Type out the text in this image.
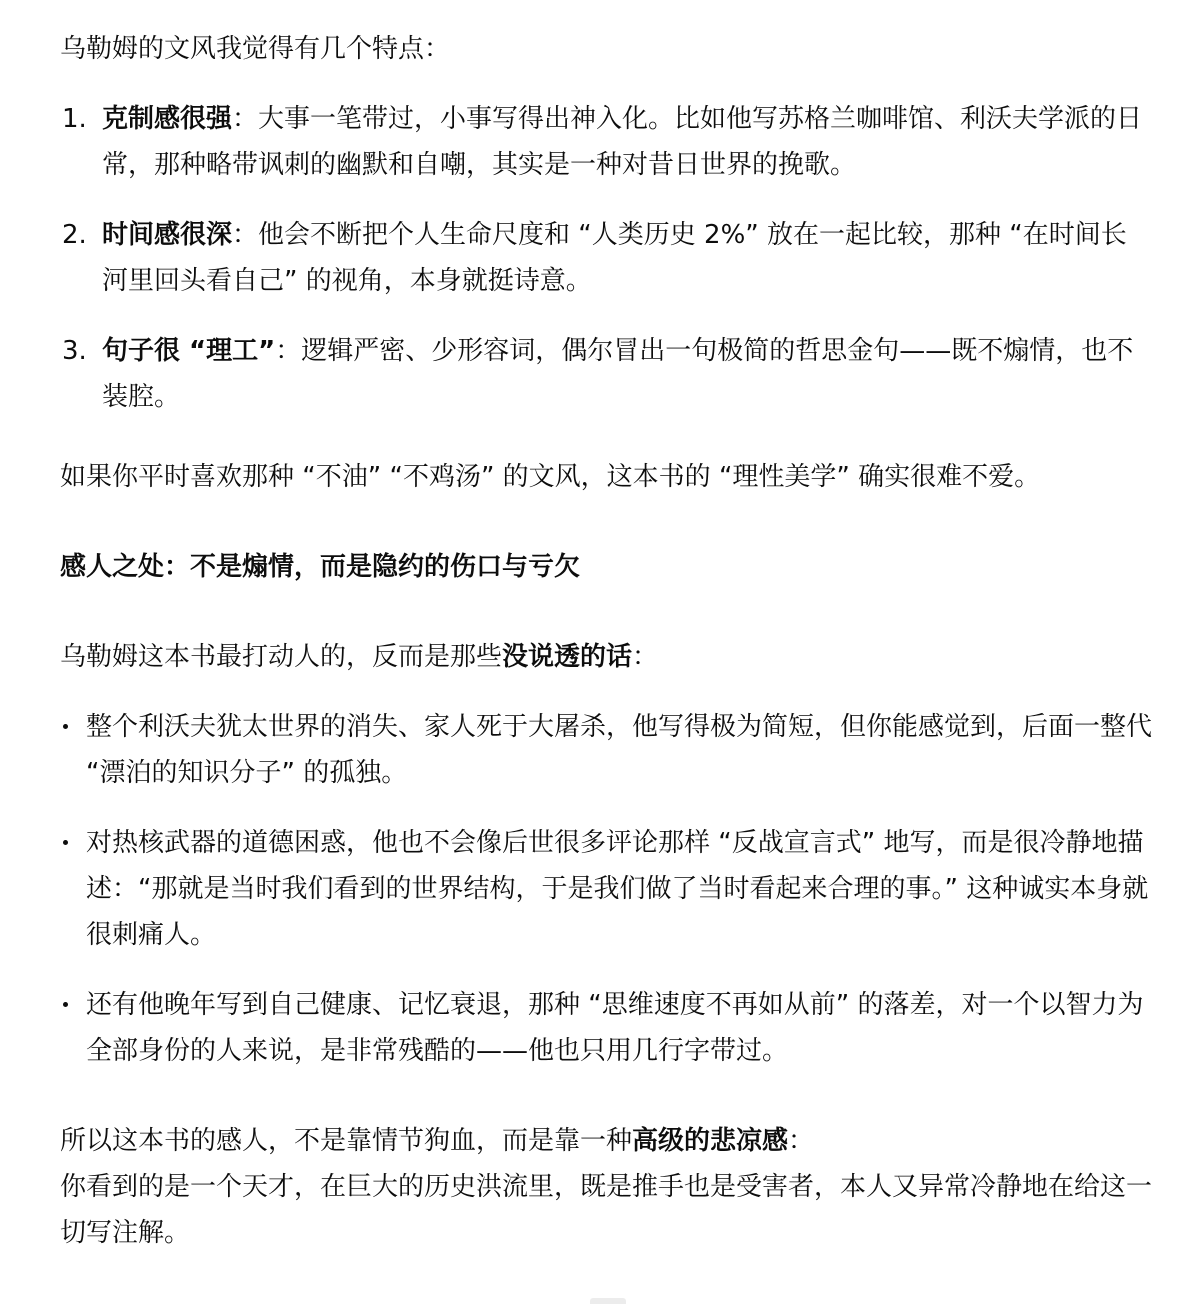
乌勒姆的文风我觉得有几个特点：

1. 克制感很强：大事一笔带过，小事写得出神入化。比如他写苏格兰咖啡馆、利沃夫学派的日常，那种略带讽刺的幽默和自嘲，其实是一种对昔日世界的挽歌。
2. 时间感很深：他会不断把个人生命尺度和 “人类历史 2%” 放在一起比较，那种 “在时间长河里回头看自己” 的视角，本身就挺诗意。
3. 句子很 “理工”：逻辑严密、少形容词，偶尔冒出一句极简的哲思金句——既不煽情，也不装腔。

如果你平时喜欢那种 “不油” “不鸡汤” 的文风，这本书的 “理性美学” 确实很难不爱。

感人之处：不是煽情，而是隐约的伤口与亏欠

乌勒姆这本书最打动人的，反而是那些没说透的话：

整个利沃夫犹太世界的消失、家人死于大屠杀，他写得极为简短，但你能感觉到，后面一整代 “漂泊的知识分子” 的孤独。
对热核武器的道德困惑，他也不会像后世很多评论那样 “反战宣言式” 地写，而是很冷静地描述：“那就是当时我们看到的世界结构，于是我们做了当时看起来合理的事。” 这种诚实本身就很刺痛人。
还有他晚年写到自己健康、记忆衰退，那种 “思维速度不再如从前” 的落差，对一个以智力为全部身份的人来说，是非常残酷的——他也只用几行字带过。

所以这本书的感人，不是靠情节狗血，而是靠一种高级的悲凉感：
你看到的是一个天才，在巨大的历史洪流里，既是推手也是受害者，本人又异常冷静地在给这一切写注解。
